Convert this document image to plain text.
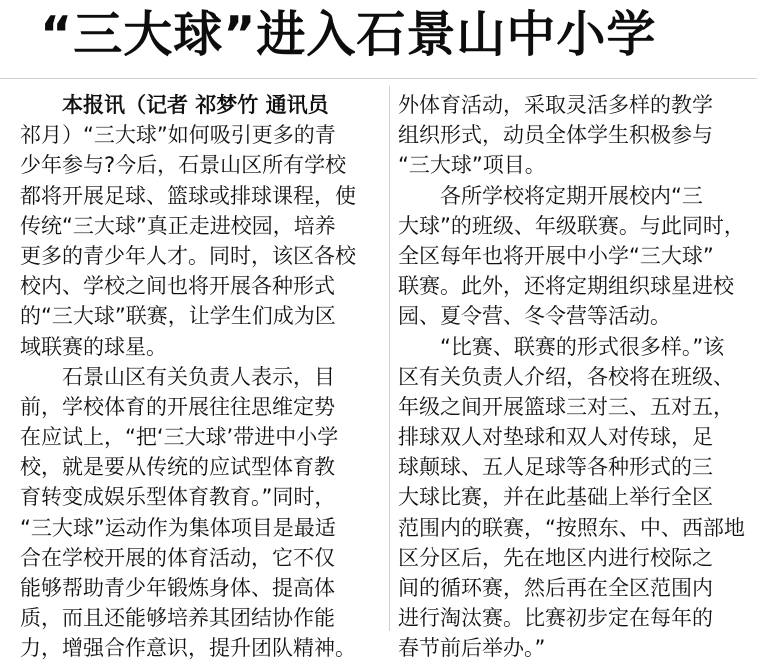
“三大球”进入石景山中小学
本报讯（记者 祁梦竹 通讯员
祁月）“三大球”如何吸引更多的青
少年参与?今后，石景山区所有学校
都将开展足球、篮球或排球课程，使
传统“三大球”真正走进校园，培养
更多的青少年人才。同时，该区各校
校内、学校之间也将开展各种形式
的“三大球”联赛，让学生们成为区
域联赛的球星。
石景山区有关负责人表示，目
前，学校体育的开展往往思维定势
在应试上，“把‘三大球’带进中小学
校，就是要从传统的应试型体育教
育转变成娱乐型体育教育。”同时，
“三大球”运动作为集体项目是最适
合在学校开展的体育活动，它不仅
能够帮助青少年锻炼身体、提高体
质，而且还能够培养其团结协作能
力，增强合作意识，提升团队精神。
外体育活动，采取灵活多样的教学
组织形式，动员全体学生积极参与
“三大球”项目。
各所学校将定期开展校内“三
大球”的班级、年级联赛。与此同时，
全区每年也将开展中小学“三大球”
联赛。此外，还将定期组织球星进校
园、夏令营、冬令营等活动。
“比赛、联赛的形式很多样。”该
区有关负责人介绍，各校将在班级、
年级之间开展篮球三对三、五对五，
排球双人对垫球和双人对传球，足
球颠球、五人足球等各种形式的三
大球比赛，并在此基础上举行全区
范围内的联赛，“按照东、中、西部地
区分区后，先在地区内进行校际之
间的循环赛，然后再在全区范围内
进行淘汰赛。比赛初步定在每年的
春节前后举办。”
